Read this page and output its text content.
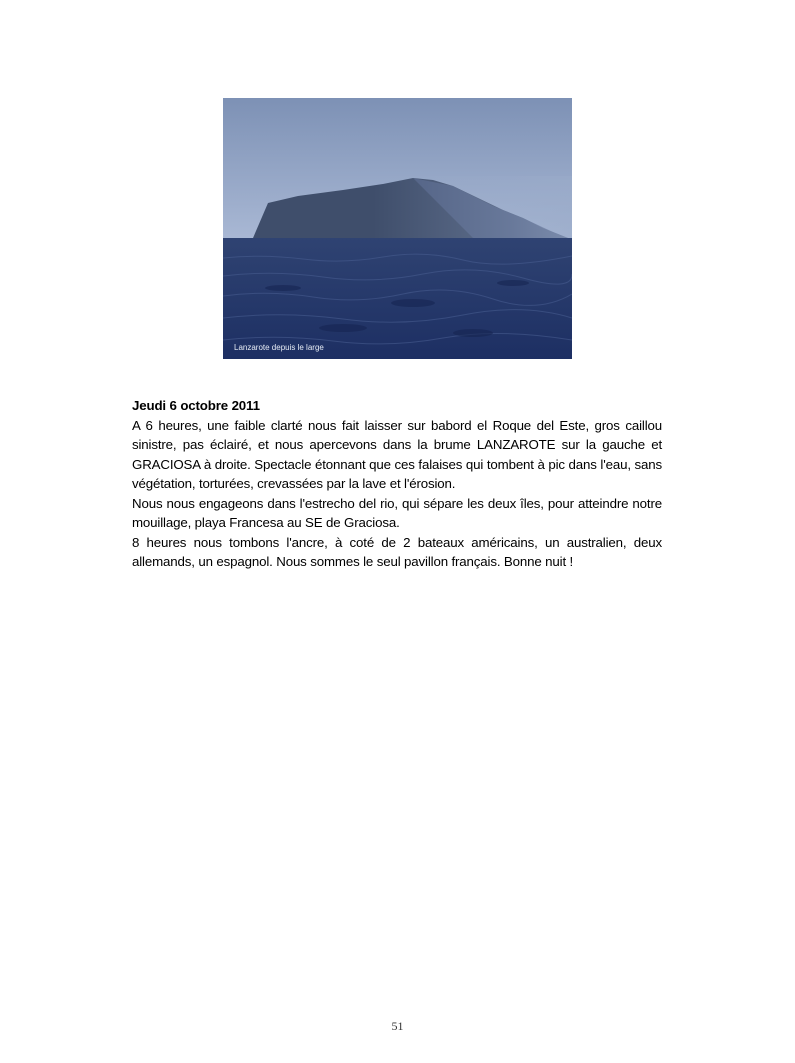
Lanzarote depuis le large

Jeudi 6 octobre 2011

A 6 heures, une faible clarté nous fait laisser sur babord el Roque del Este, gros caillou sinistre, pas éclairé, et nous apercevons dans la brume LANZAROTE sur la gauche et GRACIOSA à droite. Spectacle étonnant que ces falaises qui tombent à pic dans l'eau, sans végétation, torturées, crevassées par la lave et l'érosion.

Nous nous engageons dans l'estrecho del rio, qui sépare les deux îles, pour atteindre notre mouillage, playa Francesa au SE de Graciosa.

8 heures nous tombons l'ancre, à coté de 2 bateaux américains, un australien, deux allemands, un espagnol. Nous sommes le seul pavillon français. Bonne nuit !

51
